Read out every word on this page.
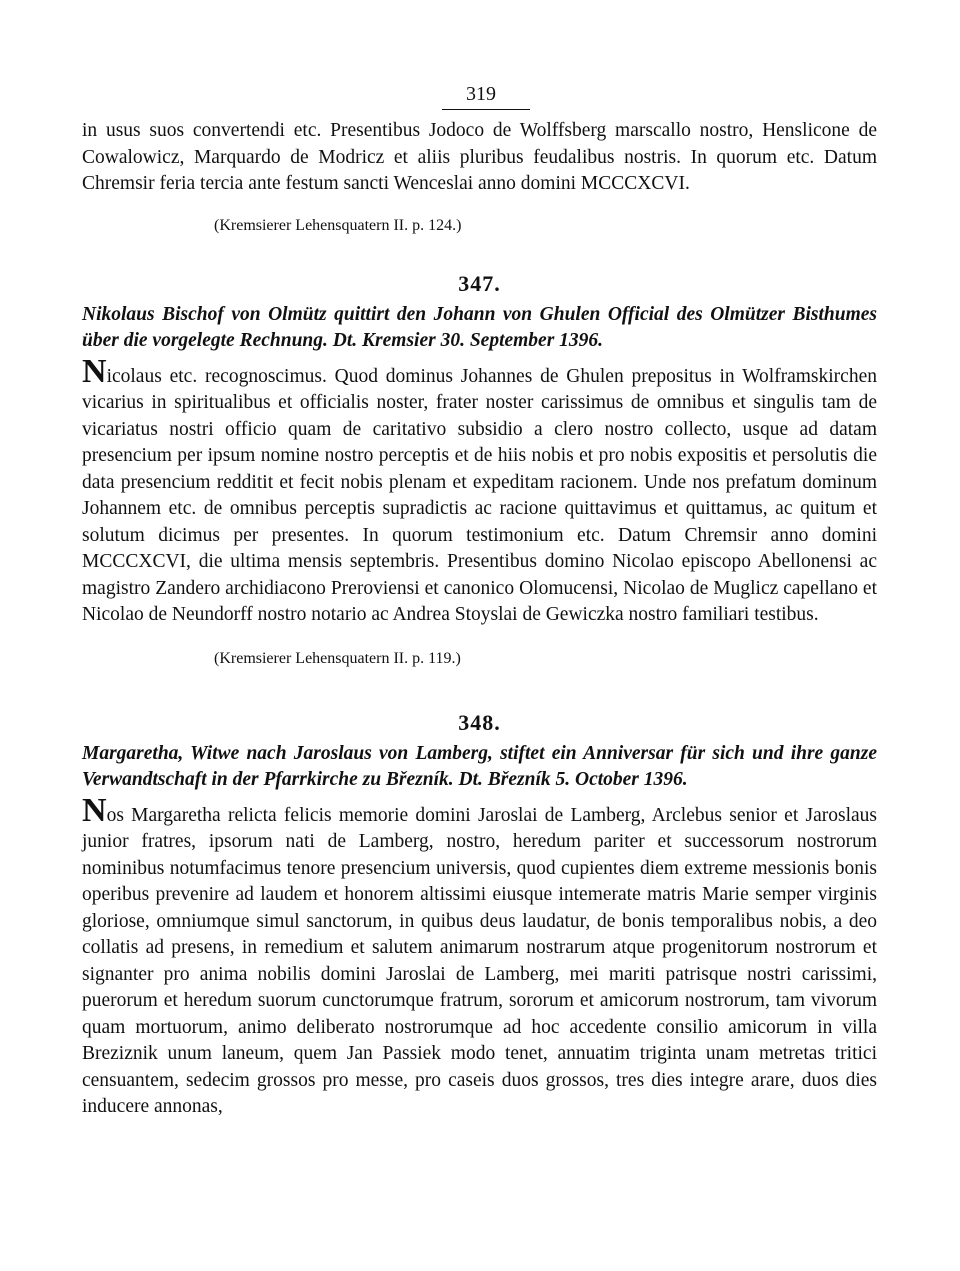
319

in usus suos convertendi etc. Presentibus Jodoco de Wolffsberg marscallo nostro, Henslicone de Cowalowicz, Marquardo de Modricz et aliis pluribus feudalibus nostris. In quorum etc. Datum Chremsir feria tercia ante festum sancti Wenceslai anno domini MCCCXCVI.

(Kremsierer Lehensquatern II. p. 124.)

347.

Nikolaus Bischof von Olmütz quittirt den Johann von Ghulen Official des Olmützer Bisthumes über die vorgelegte Rechnung. Dt. Kremsier 30. September 1396.

Nicolaus etc. recognoscimus. Quod dominus Johannes de Ghulen prepositus in Wolframskirchen vicarius in spiritualibus et officialis noster, frater noster carissimus de omnibus et singulis tam de vicariatus nostri officio quam de caritativo subsidio a clero nostro collecto, usque ad datam presencium per ipsum nomine nostro perceptis et de hiis nobis et pro nobis expositis et persolutis die data presencium redditit et fecit nobis plenam et expeditam racionem. Unde nos prefatum dominum Johannem etc. de omnibus perceptis supradictis ac racione quittavimus et quittamus, ac quitum et solutum dicimus per presentes. In quorum testimonium etc. Datum Chremsir anno domini MCCCXCVI, die ultima mensis septembris. Presentibus domino Nicolao episcopo Abellonensi ac magistro Zandero archidiacono Preroviensi et canonico Olomucensi, Nicolao de Muglicz capellano et Nicolao de Neundorff nostro notario ac Andrea Stoyslai de Gewiczka nostro familiari testibus.

(Kremsierer Lehensquatern II. p. 119.)

348.

Margaretha, Witwe nach Jaroslaus von Lamberg, stiftet ein Anniversar für sich und ihre ganze Verwandtschaft in der Pfarrkirche zu Březník. Dt. Březník 5. October 1396.

Nos Margaretha relicta felicis memorie domini Jaroslai de Lamberg, Arclebus senior et Jaroslaus junior fratres, ipsorum nati de Lamberg, nostro, heredum pariter et successorum nostrorum nominibus notumfacimus tenore presencium universis, quod cupientes diem extreme messionis bonis operibus prevenire ad laudem et honorem altissimi eiusque intemerate matris Marie semper virginis gloriose, omniumque simul sanctorum, in quibus deus laudatur, de bonis temporalibus nobis, a deo collatis ad presens, in remedium et salutem animarum nostrarum atque progenitorum nostrorum et signanter pro anima nobilis domini Jaroslai de Lamberg, mei mariti patrisque nostri carissimi, puerorum et heredum suorum cunctorumque fratrum, sororum et amicorum nostrorum, tam vivorum quam mortuorum, animo deliberato nostrorumque ad hoc accedente consilio amicorum in villa Breziznik unum laneum, quem Jan Passiek modo tenet, annuatim triginta unam metretas tritici censuantem, sedecim grossos pro messe, pro caseis duos grossos, tres dies integre arare, duos dies inducere annonas,
